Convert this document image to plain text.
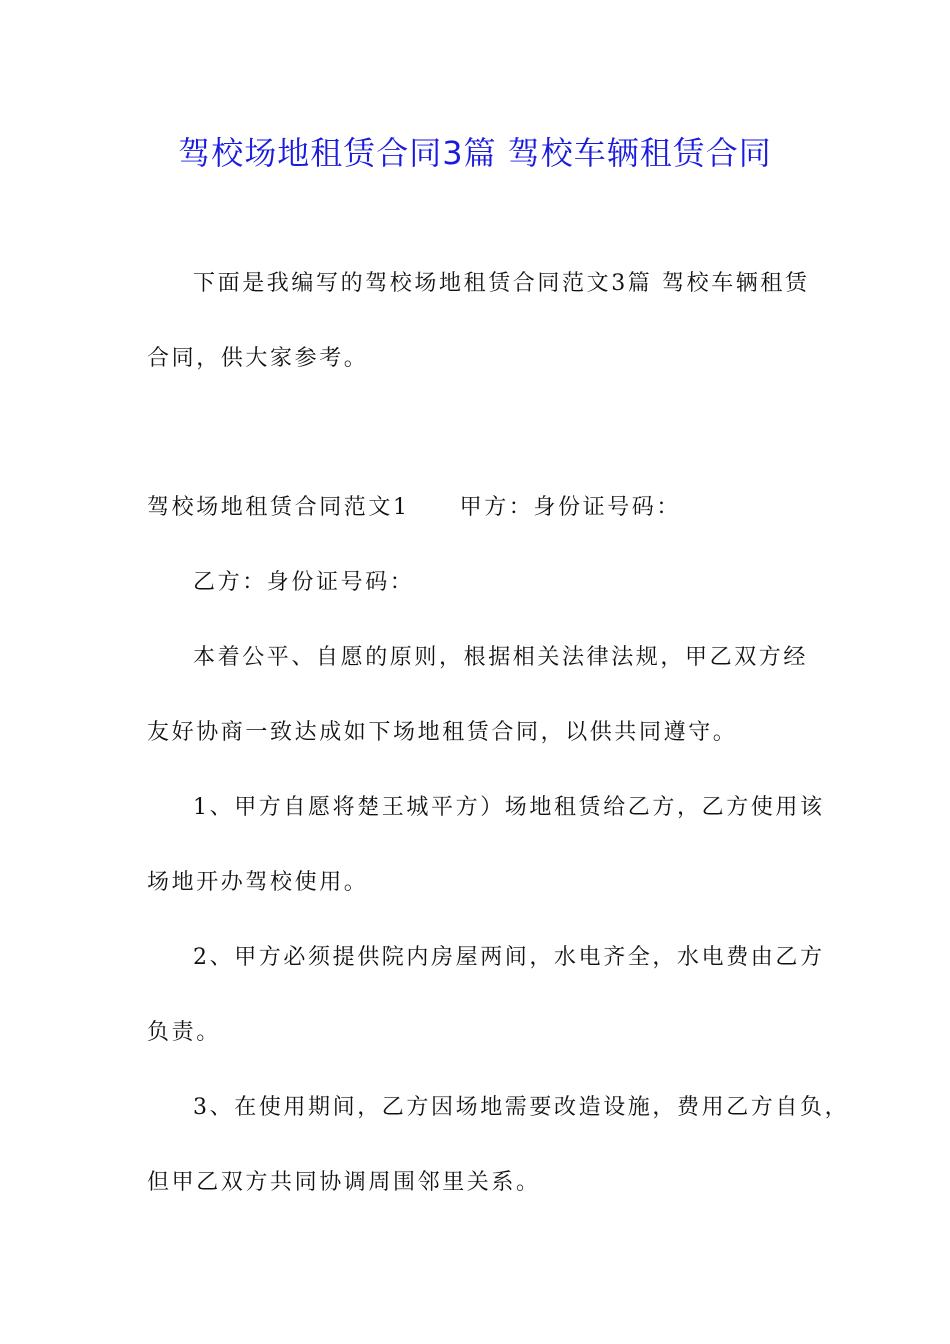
驾校场地租赁合同3篇 驾校车辆租赁合同
下面是我编写的驾校场地租赁合同范文3篇 驾校车辆租赁
合同，供大家参考。
驾校场地租赁合同范文1 甲方：身份证号码：
乙方：身份证号码：
本着公平、自愿的原则，根据相关法律法规，甲乙双方经
友好协商一致达成如下场地租赁合同，以供共同遵守。
1、甲方自愿将楚王城平方）场地租赁给乙方，乙方使用该
场地开办驾校使用。
2、甲方必须提供院内房屋两间，水电齐全，水电费由乙方
负责。
3、在使用期间，乙方因场地需要改造设施，费用乙方自负，
但甲乙双方共同协调周围邻里关系。
